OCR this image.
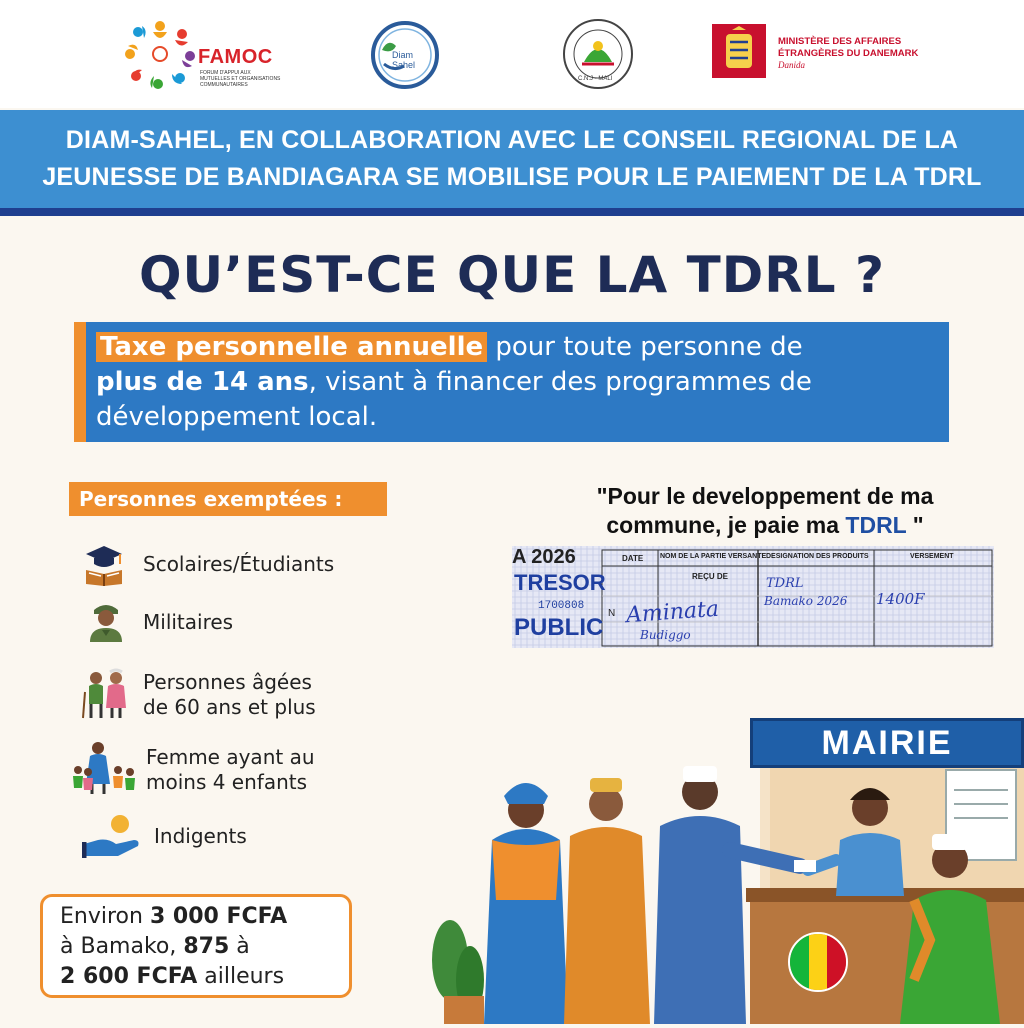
FAMOC
FORUM D'APPUI AUX MUTUELLES ET ORGANISATIONS COMMUNAUTAIRES
Diam
Sahel
C.N.J - MALI
MINISTÈRE DES AFFAIRES
ÉTRANGÈRES DU DANEMARK
Danida
DIAM-SAHEL, EN COLLABORATION AVEC LE CONSEIL REGIONAL DE LA
JEUNESSE DE BANDIAGARA SE MOBILISE POUR LE PAIEMENT DE LA TDRL
QU’EST-CE QUE LA TDRL ?
Taxe personnelle annuelle pour toute personne de
plus de 14 ans, visant à financer des programmes de
développement local.
Personnes exemptées :
Scolaires/Étudiants
Militaires
Personnes âgées
de 60 ans et plus
Femme ayant au
moins 4 enfants
Indigents
Environ 3 000 FCFA
à Bamako, 875 à
2 600 FCFA ailleurs
"Pour le developpement de ma
commune, je paie ma TDRL "
A 2026
TRESOR
1700808
PUBLIC
DATE NOM DE LA PARTIE VERSANTE
REÇU DE
DESIGNATION DES PRODUITS	VERSEMENT
N Aminata
Budiggo
TDRL
Bamako 2026 1400F
MAIRIE
